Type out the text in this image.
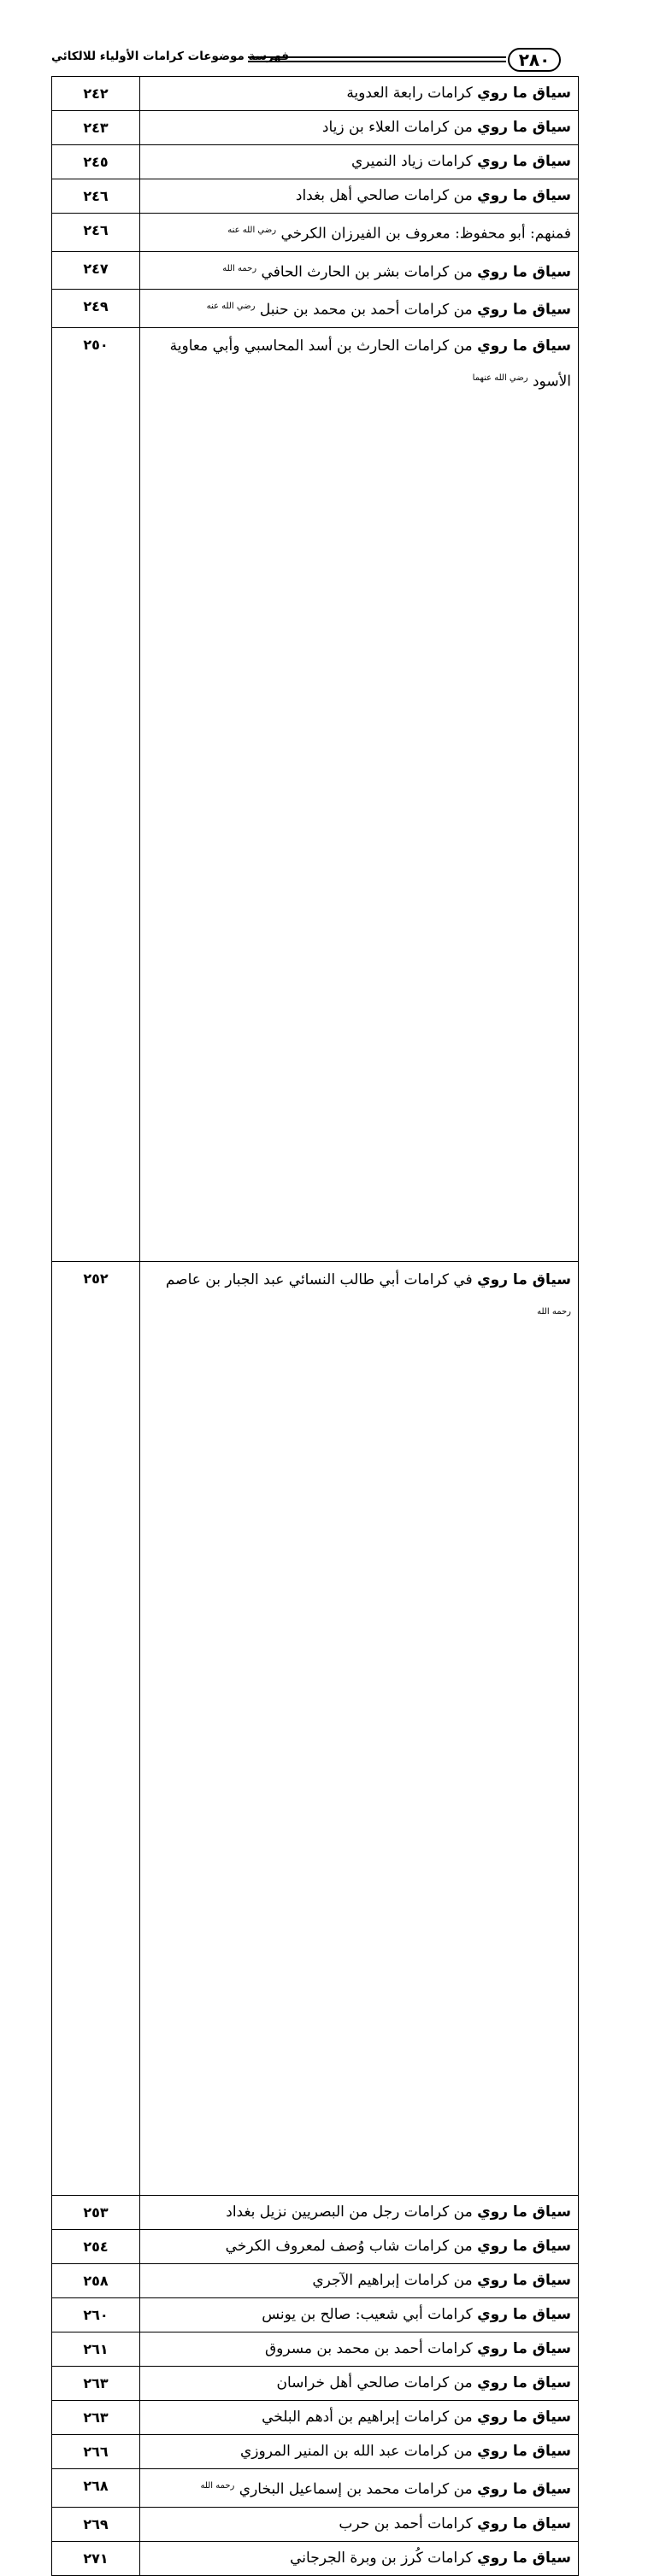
٢٨٠
فهرسة موضوعات كرامات الأولياء للالكائي
سياق ما روي كرامات رابعة العدوية	٢٤٢
سياق ما روي من كرامات العلاء بن زياد	٢٤٣
سياق ما روي كرامات زياد النميري	٢٤٥
سياق ما روي من كرامات صالحي أهل بغداد	٢٤٦
فمنهم: أبو محفوظ: معروف بن الفيرزان الكرخي $^{رضي الله عنه}$	٢٤٦
سياق ما روي من كرامات بشر بن الحارث الحافي $^{رحمه الله}$	٢٤٧
سياق ما روي من كرامات أحمد بن محمد بن حنبل $^{رضي الله عنه}$	٢٤٩
سياق ما روي من كرامات الحارث بن أسد المحاسبي وأبي معاوية الأسود $^{رضي الله عنهما}$	٢٥٠
سياق ما روي في كرامات أبي طالب النسائي عبد الجبار بن عاصم $^{رحمه الله}$	٢٥٢
سياق ما روي من كرامات رجل من البصريين نزيل بغداد	٢٥٣
سياق ما روي من كرامات شاب وُصف لمعروف الكرخي	٢٥٤
سياق ما روي من كرامات إبراهيم الآجري	٢٥٨
سياق ما روي كرامات أبي شعيب: صالح بن يونس	٢٦٠
سياق ما روي كرامات أحمد بن محمد بن مسروق	٢٦١
سياق ما روي من كرامات صالحي أهل خراسان	٢٦٣
سياق ما روي من كرامات إبراهيم بن أدهم البلخي	٢٦٣
سياق ما روي من كرامات عبد الله بن المنير المروزي	٢٦٦
سياق ما روي من كرامات محمد بن إسماعيل البخاري $^{رحمه الله}$	٢٦٨
سياق ما روي كرامات أحمد بن حرب	٢٦٩
سياق ما روي كرامات كُرز بن وبرة الجرجاني	٢٧١
